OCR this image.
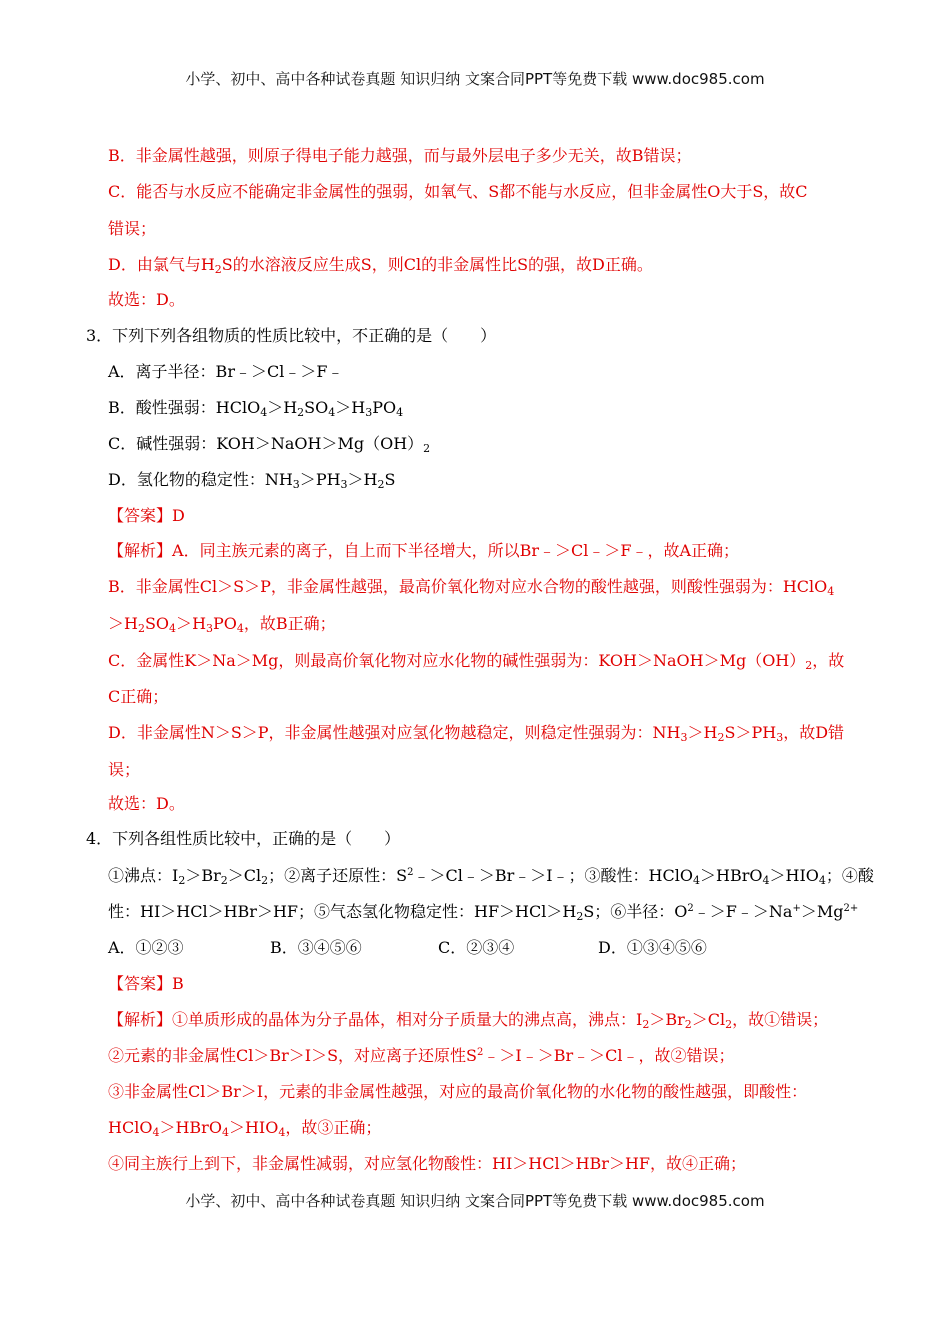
小学、初中、高中各种试卷真题 知识归纳 文案合同PPT等免费下载 www.doc985.com
B．非金属性越强，则原子得电子能力越强，而与最外层电子多少无关，故B错误；
C．能否与水反应不能确定非金属性的强弱，如氧气、S都不能与水反应，但非金属性O大于S，故C
错误；
D．由氯气与$H_2S$的水溶液反应生成S，则Cl的非金属性比S的强，故D正确。
故选：D。
3．下列下列各组物质的性质比较中，不正确的是（　　）
A．离子半径：Br﹣＞Cl﹣＞F﹣
B．酸性强弱：$HClO_4>H_2SO_4>H_3PO_4$
C．碱性强弱：$KOH>NaOH>Mg(OH)_2$
D．氢化物的稳定性：$NH_3>PH_3>H_2S$
【答案】D
【解析】A．同主族元素的离子，自上而下半径增大，所以Br﹣＞Cl﹣＞F﹣，故A正确；
B．非金属性Cl＞S＞P，非金属性越强，最高价氧化物对应水合物的酸性越强，则酸性强弱为：HClO$_4$
$>H_2SO_4>H_3PO_4$，故B正确；
C．金属性K＞Na＞Mg，则最高价氧化物对应水化物的碱性强弱为：$KOH>NaOH>Mg(OH)_2$，故
C正确；
D．非金属性N＞S＞P，非金属性越强对应氢化物越稳定，则稳定性强弱为：$NH_3>H_2S>PH_3$，故D错
误；
故选：D。
4．下列各组性质比较中，正确的是（　　）
①沸点：$I_2>Br_2>Cl_2$；②离子还原性：$S^2﹣>Cl﹣>Br﹣>I﹣$；③酸性：$HClO_4>HBrO_4>HIO_4$；④酸
性：HI＞HCl＞HBr＞HF；⑤气态氢化物稳定性：$HF>HCl>H_2S$；⑥半径：$O^2﹣>F﹣>Na^+>Mg^{2+}$
A．①②③	B．③④⑤⑥	C．②③④	D．①③④⑤⑥
【答案】B
【解析】①单质形成的晶体为分子晶体，相对分子质量大的沸点高，沸点：$I_2>Br_2>Cl_2$，故①错误；
②元素的非金属性Cl＞Br＞I＞S，对应离子还原性$S^2﹣>I﹣>Br﹣>Cl﹣$，故②错误；
③非金属性Cl＞Br＞I，元素的非金属性越强，对应的最高价氧化物的水化物的酸性越强，即酸性：
$HClO_4>HBrO_4>HIO_4$，故③正确；
④同主族行上到下，非金属性减弱，对应氢化物酸性：HI＞HCl＞HBr＞HF，故④正确；
小学、初中、高中各种试卷真题 知识归纳 文案合同PPT等免费下载 www.doc985.com
